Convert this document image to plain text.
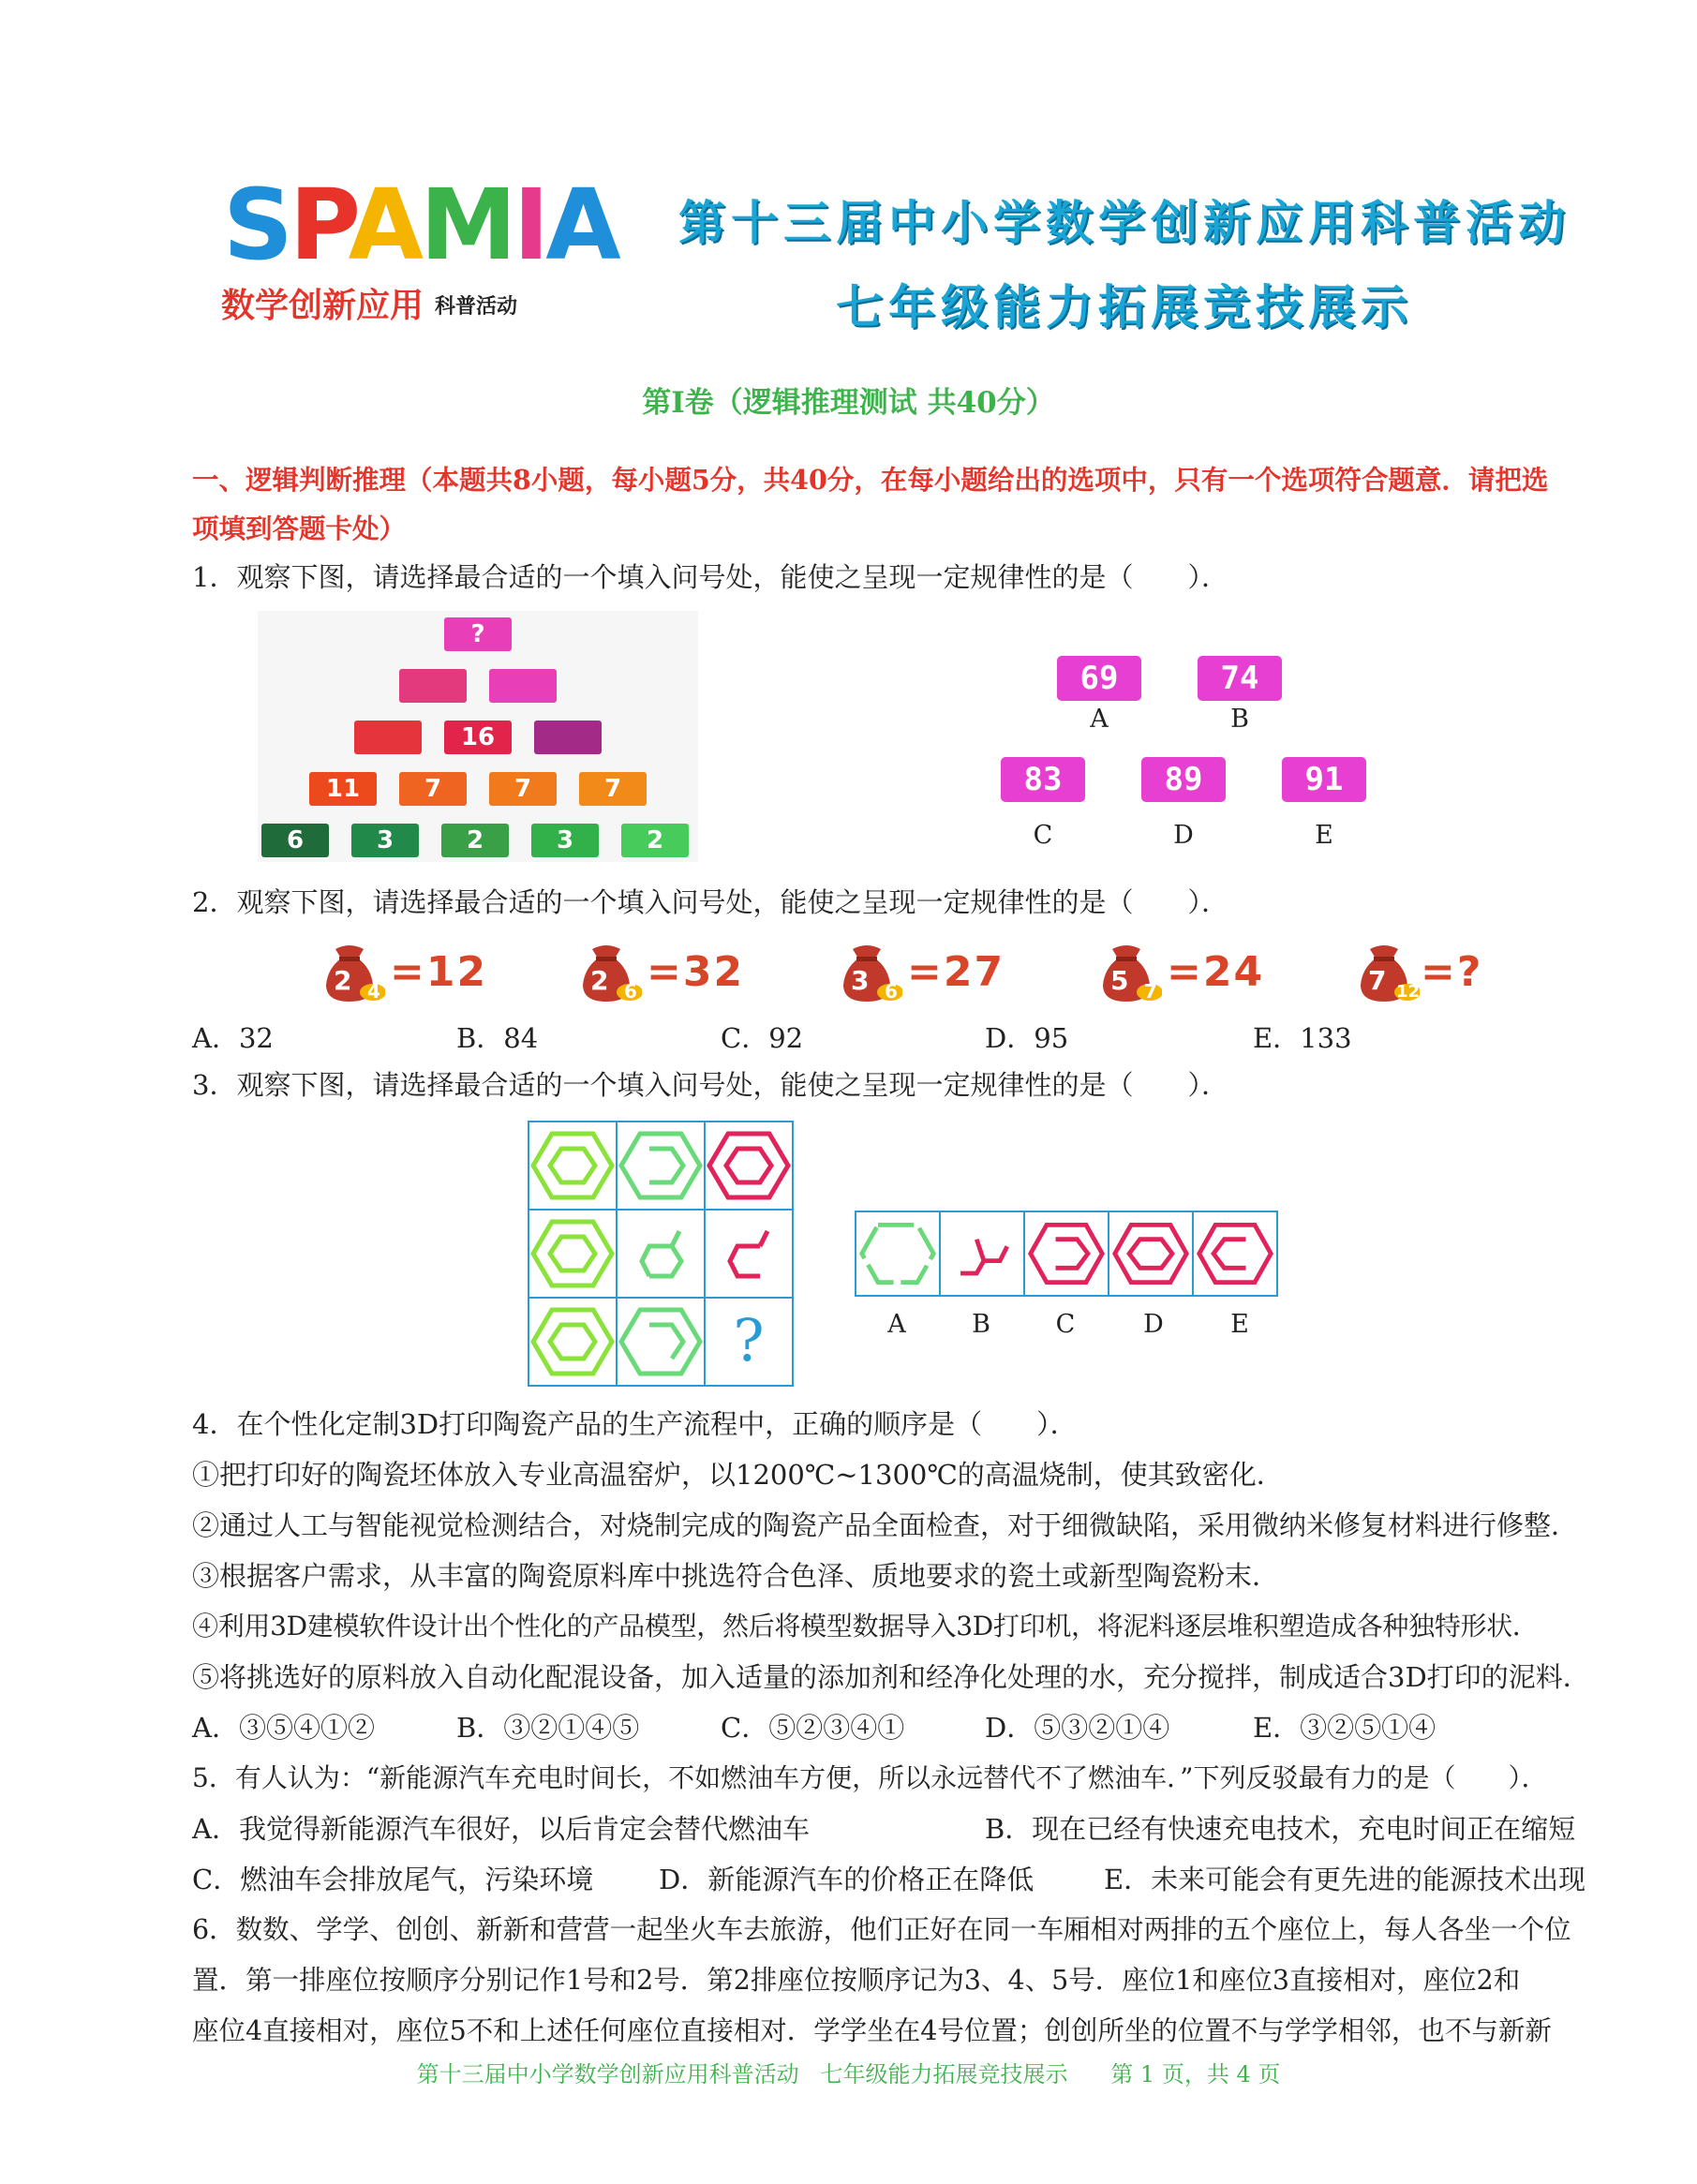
SPAMIA
数学创新应用 科普活动
第十三届中小学数学创新应用科普活动
七年级能力拓展竞技展示
第I卷（逻辑推理测试 共40分）
一、逻辑判断推理（本题共8小题，每小题5分，共40分，在每小题给出的选项中，只有一个选项符合题意．请把选
项填到答题卡处）
1．观察下图，请选择最合适的一个填入问号处，能使之呈现一定规律性的是（　　）．
?
16
11	7	7	7
6	3	2	3	2
69
A
74
B
83
C
89
D
91
E
2．观察下图，请选择最合适的一个填入问号处，能使之呈现一定规律性的是（　　）．
2 4 =12	2 6 =32	3 6 =27	5 7 =24	7 12 =?
A．32	B．84	C．92	D．95	E．133
3．观察下图，请选择最合适的一个填入问号处，能使之呈现一定规律性的是（　　）．
?	A	B	C	D	E
4．在个性化定制3D打印陶瓷产品的生产流程中，正确的顺序是（　　）．
①把打印好的陶瓷坯体放入专业高温窑炉，以1200℃~1300℃的高温烧制，使其致密化．
②通过人工与智能视觉检测结合，对烧制完成的陶瓷产品全面检查，对于细微缺陷，采用微纳米修复材料进行修整．
③根据客户需求，从丰富的陶瓷原料库中挑选符合色泽、质地要求的瓷土或新型陶瓷粉末．
④利用3D建模软件设计出个性化的产品模型，然后将模型数据导入3D打印机，将泥料逐层堆积塑造成各种独特形状．
⑤将挑选好的原料放入自动化配混设备，加入适量的添加剂和经净化处理的水，充分搅拌，制成适合3D打印的泥料．
A．③⑤④①②	B．③②①④⑤	C．⑤②③④①	D．⑤③②①④	E．③②⑤①④
5．有人认为：“新能源汽车充电时间长，不如燃油车方便，所以永远替代不了燃油车．”下列反驳最有力的是（　　）．
A．我觉得新能源汽车很好，以后肯定会替代燃油车	B．现在已经有快速充电技术，充电时间正在缩短
C．燃油车会排放尾气，污染环境 D．新能源汽车的价格正在降低	E．未来可能会有更先进的能源技术出现
6．数数、学学、创创、新新和营营一起坐火车去旅游，他们正好在同一车厢相对两排的五个座位上，每人各坐一个位
置．第一排座位按顺序分别记作1号和2号．第2排座位按顺序记为3、4、5号．座位1和座位3直接相对，座位2和
座位4直接相对，座位5不和上述任何座位直接相对．学学坐在4号位置；创创所坐的位置不与学学相邻，也不与新新
第十三届中小学数学创新应用科普活动   七年级能力拓展竞技展示      第 1 页，共 4 页
